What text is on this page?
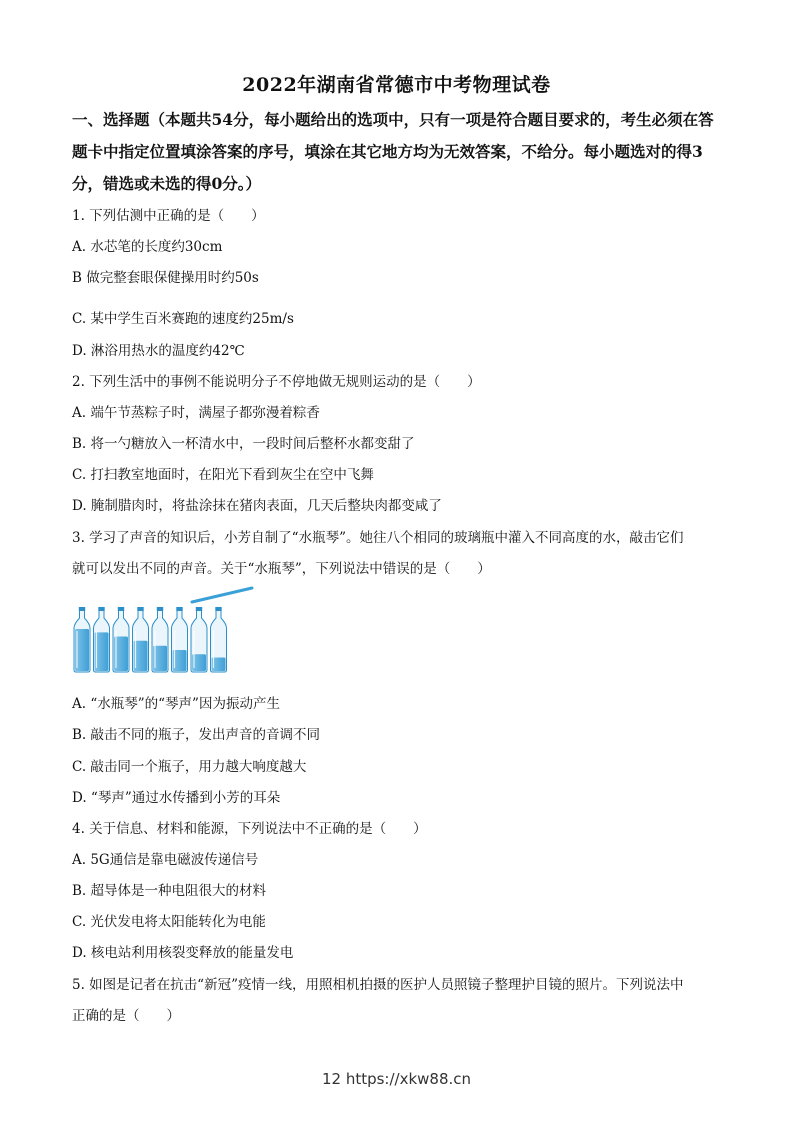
2022年湖南省常德市中考物理试卷
一、选择题（本题共54分，每小题给出的选项中，只有一项是符合题目要求的，考生必须在答题卡中指定位置填涂答案的序号，填涂在其它地方均为无效答案，不给分。每小题选对的得3分，错选或未选的得0分。）
1. 下列估测中正确的是（　　）
A. 水芯笔的长度约30cm
B 做完整套眼保健操用时约50s
C. 某中学生百米赛跑的速度约25m/s
D. 淋浴用热水的温度约42℃
2. 下列生活中的事例不能说明分子不停地做无规则运动的是（　　）
A. 端午节蒸粽子时，满屋子都弥漫着粽香
B. 将一勺糖放入一杯清水中，一段时间后整杯水都变甜了
C. 打扫教室地面时，在阳光下看到灰尘在空中飞舞
D. 腌制腊肉时，将盐涂抹在猪肉表面，几天后整块肉都变咸了
3. 学习了声音的知识后，小芳自制了“水瓶琴”。她往八个相同的玻璃瓶中灌入不同高度的水，敲击它们
就可以发出不同的声音。关于“水瓶琴”，下列说法中错误的是（　　）
A. “水瓶琴”的“琴声”因为振动产生
B. 敲击不同的瓶子，发出声音的音调不同
C. 敲击同一个瓶子，用力越大响度越大
D. “琴声”通过水传播到小芳的耳朵
4. 关于信息、材料和能源，下列说法中不正确的是（　　）
A. 5G通信是靠电磁波传递信号
B. 超导体是一种电阻很大的材料
C. 光伏发电将太阳能转化为电能
D. 核电站利用核裂变释放的能量发电
5. 如图是记者在抗击“新冠”疫情一线，用照相机拍摄的医护人员照镜子整理护目镜的照片。下列说法中
正确的是（　　）
12 https://xkw88.cn
